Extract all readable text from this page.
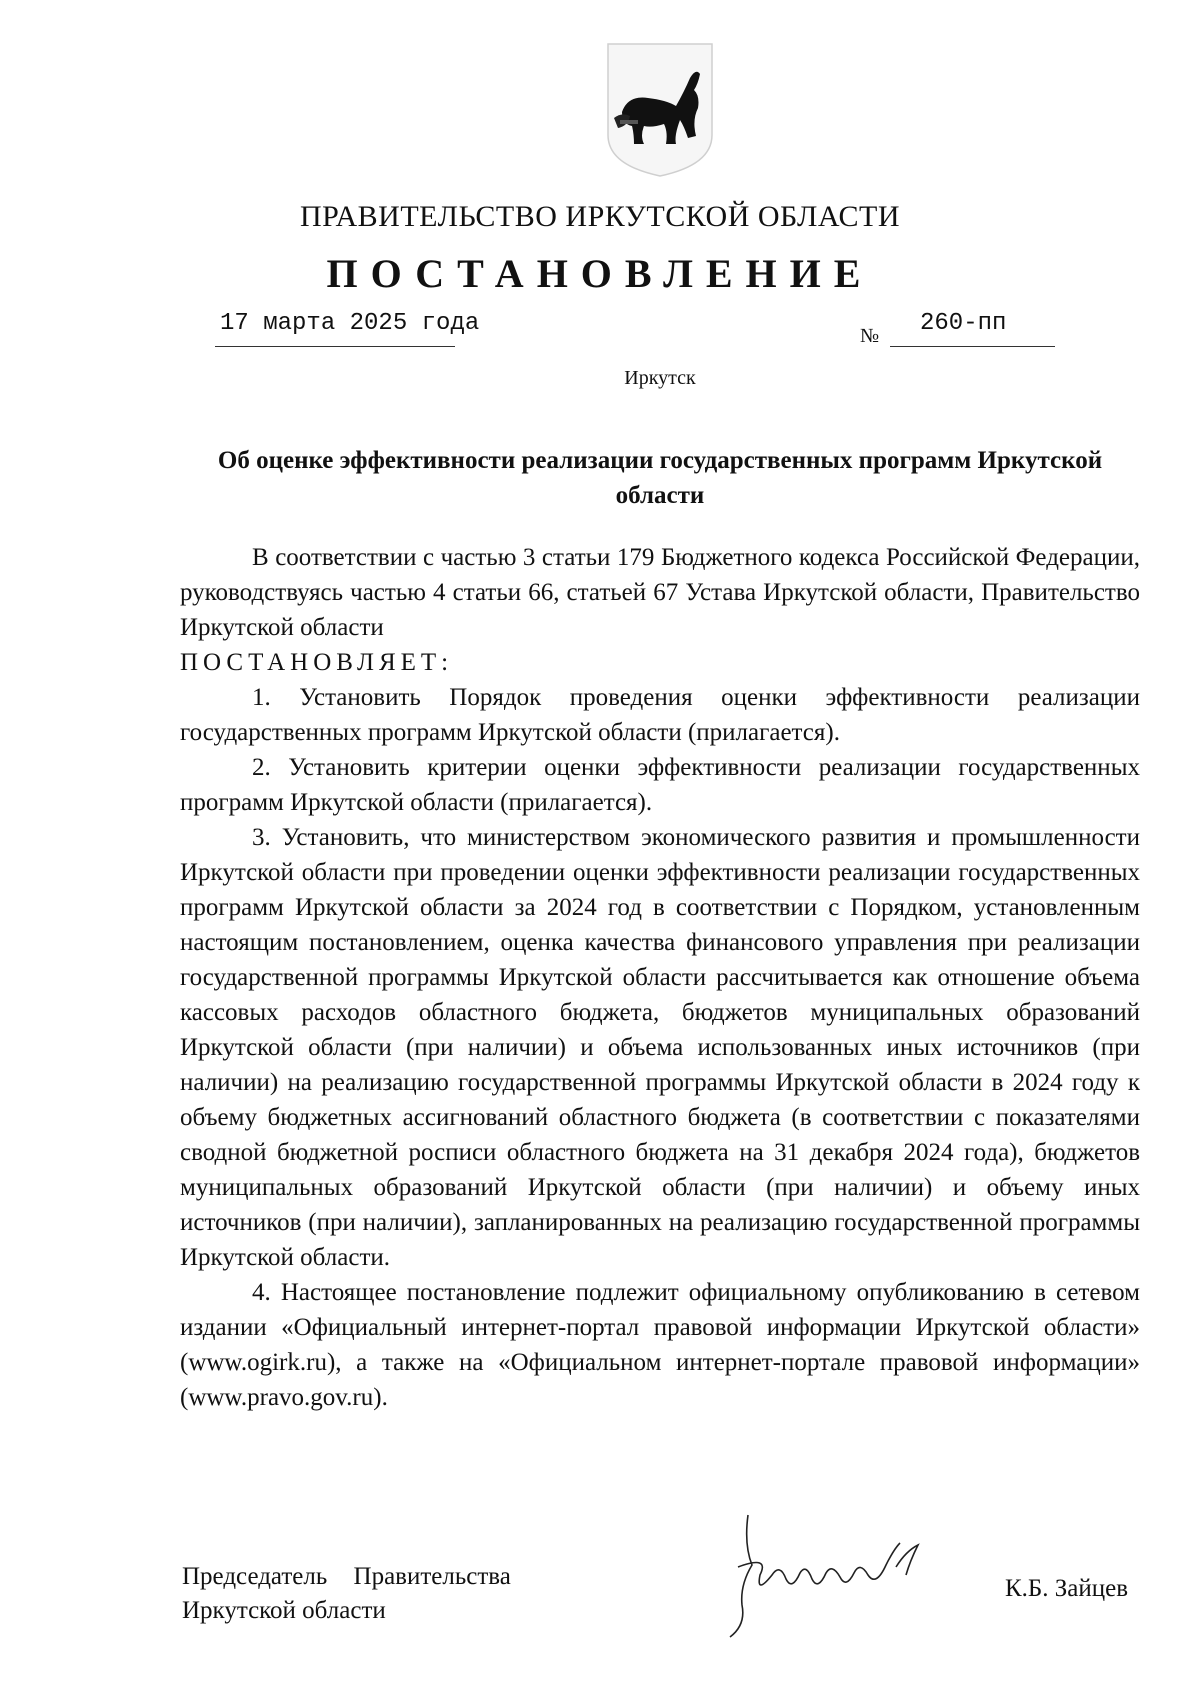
ПРАВИТЕЛЬСТВО ИРКУТСКОЙ ОБЛАСТИ
ПОСТАНОВЛЕНИЕ
17 марта 2025 года	№ 260-пп
Иркутск
Об оценке эффективности реализации государственных программ Иркутской области

В соответствии с частью 3 статьи 179 Бюджетного кодекса Российской Федерации, руководствуясь частью 4 статьи 66, статьей 67 Устава Иркутской области, Правительство Иркутской области

ПОСТАНОВЛЯЕТ:

1. Установить Порядок проведения оценки эффективности реализации государственных программ Иркутской области (прилагается).

2. Установить критерии оценки эффективности реализации государственных программ Иркутской области (прилагается).

3. Установить, что министерством экономического развития и промышленности Иркутской области при проведении оценки эффективности реализации государственных программ Иркутской области за 2024 год в соответствии с Порядком, установленным настоящим постановлением, оценка качества финансового управления при реализации государственной программы Иркутской области рассчитывается как отношение объема кассовых расходов областного бюджета, бюджетов муниципальных образований Иркутской области (при наличии) и объема использованных иных источников (при наличии) на реализацию государственной программы Иркутской области в 2024 году к объему бюджетных ассигнований областного бюджета (в соответствии с показателями сводной бюджетной росписи областного бюджета на 31 декабря 2024 года), бюджетов муниципальных образований Иркутской области (при наличии) и объему иных источников (при наличии), запланированных на реализацию государственной программы Иркутской области.

4. Настоящее постановление подлежит официальному опубликованию в сетевом издании «Официальный интернет-портал правовой информации Иркутской области» (www.ogirk.ru), а также на «Официальном интернет-портале правовой информации» (www.pravo.gov.ru).

Председатель Правительства
Иркутской области
К.Б. Зайцев
